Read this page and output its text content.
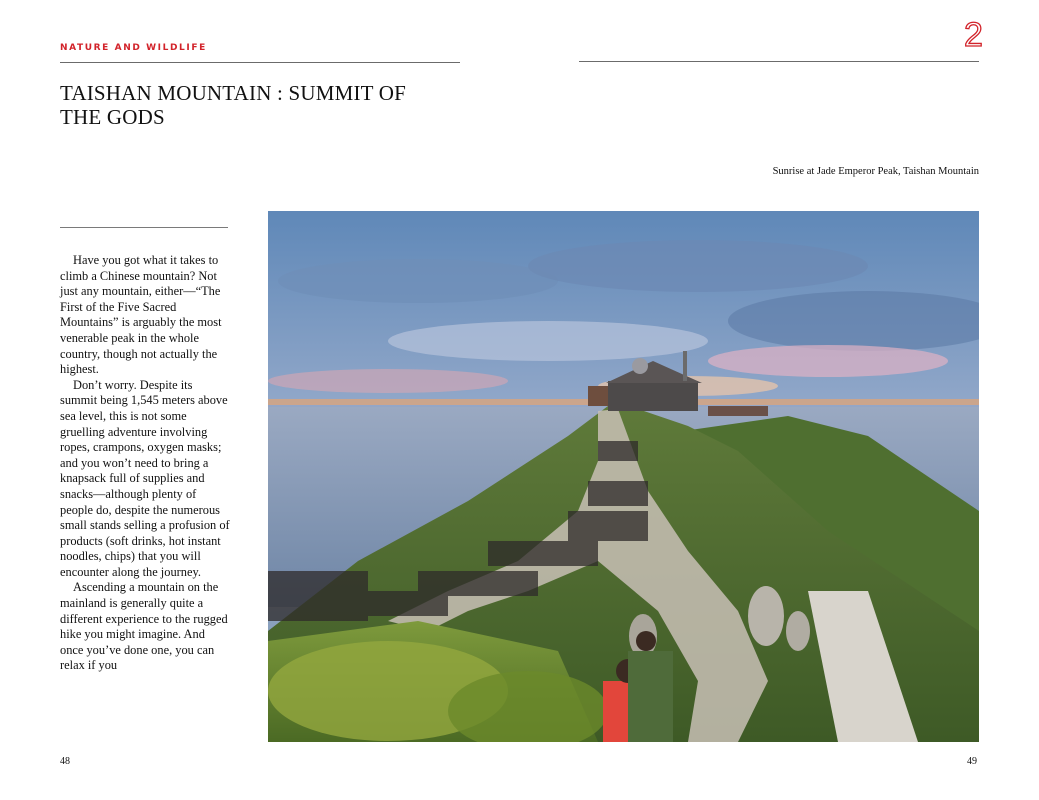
NATURE AND WILDLIFE	2
TAISHAN MOUNTAIN : SUMMIT OF
THE GODS
Sunrise at Jade Emperor Peak, Taishan Mountain

Have you got what it takes to climb a Chinese mountain? Not just any mountain, either—“The First of the Five Sacred Mountains” is arguably the most venerable peak in the whole country, though not actually the highest.

Don’t worry. Despite its summit being 1,545 meters above sea level, this is not some gruelling adventure involving ropes, crampons, oxygen masks; and you won’t need to bring a knapsack full of supplies and snacks—although plenty of people do, despite the numerous small stands selling a profusion of products (soft drinks, hot instant noodles, chips) that you will encounter along the journey.

Ascending a mountain on the mainland is generally quite a different experience to the rugged hike you might imagine. And once you’ve done one, you can relax if you

48	49
